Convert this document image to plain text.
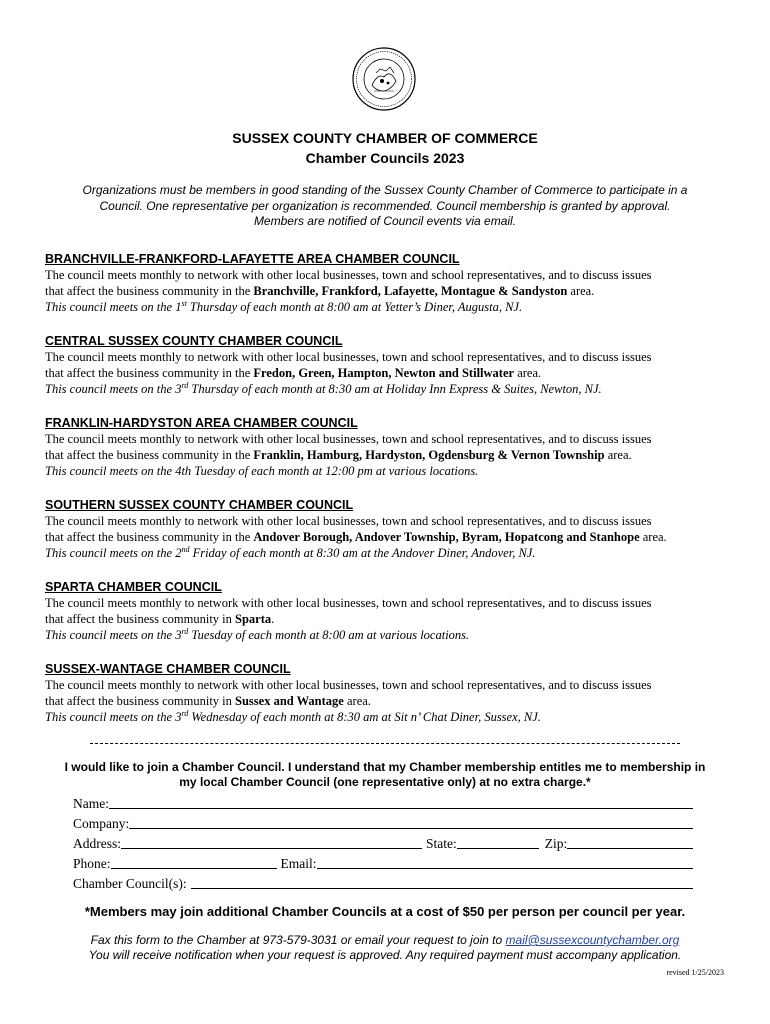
SUSSEX COUNTY CHAMBER OF COMMERCE
Chamber Councils 2023
Organizations must be members in good standing of the Sussex County Chamber of Commerce to participate in a
Council. One representative per organization is recommended. Council membership is granted by approval.
Members are notified of Council events via email.
BRANCHVILLE-FRANKFORD-LAFAYETTE AREA CHAMBER COUNCIL
The council meets monthly to network with other local businesses, town and school representatives, and to discuss issues
that affect the business community in the Branchville, Frankford, Lafayette, Montague & Sandyston area.
This council meets on the 1st Thursday of each month at 8:00 am at Yetter’s Diner, Augusta, NJ.
CENTRAL SUSSEX COUNTY CHAMBER COUNCIL
The council meets monthly to network with other local businesses, town and school representatives, and to discuss issues
that affect the business community in the Fredon, Green, Hampton, Newton and Stillwater area.
This council meets on the 3rd Thursday of each month at 8:30 am at Holiday Inn Express & Suites, Newton, NJ.
FRANKLIN-HARDYSTON AREA CHAMBER COUNCIL
The council meets monthly to network with other local businesses, town and school representatives, and to discuss issues
that affect the business community in the Franklin, Hamburg, Hardyston, Ogdensburg & Vernon Township area.
This council meets on the 4th Tuesday of each month at 12:00 pm at various locations.
SOUTHERN SUSSEX COUNTY CHAMBER COUNCIL
The council meets monthly to network with other local businesses, town and school representatives, and to discuss issues
that affect the business community in the Andover Borough, Andover Township, Byram, Hopatcong and Stanhope area.
This council meets on the 2nd Friday of each month at 8:30 am at the Andover Diner, Andover, NJ.
SPARTA CHAMBER COUNCIL
The council meets monthly to network with other local businesses, town and school representatives, and to discuss issues
that affect the business community in Sparta.
This council meets on the 3rd Tuesday of each month at 8:00 am at various locations.
SUSSEX-WANTAGE CHAMBER COUNCIL
The council meets monthly to network with other local businesses, town and school representatives, and to discuss issues
that affect the business community in Sussex and Wantage area.
This council meets on the 3rd Wednesday of each month at 8:30 am at Sit n’ Chat Diner, Sussex, NJ.
I would like to join a Chamber Council. I understand that my Chamber membership entitles me to membership in
my local Chamber Council (one representative only) at no extra charge.*
Name:
Company:
Address:	State:	Zip:
Phone:	Email:
Chamber Council(s):
*Members may join additional Chamber Councils at a cost of $50 per person per council per year.
Fax this form to the Chamber at 973-579-3031 or email your request to join to mail@sussexcountychamber.org
You will receive notification when your request is approved. Any required payment must accompany application.
revised 1/25/2023
